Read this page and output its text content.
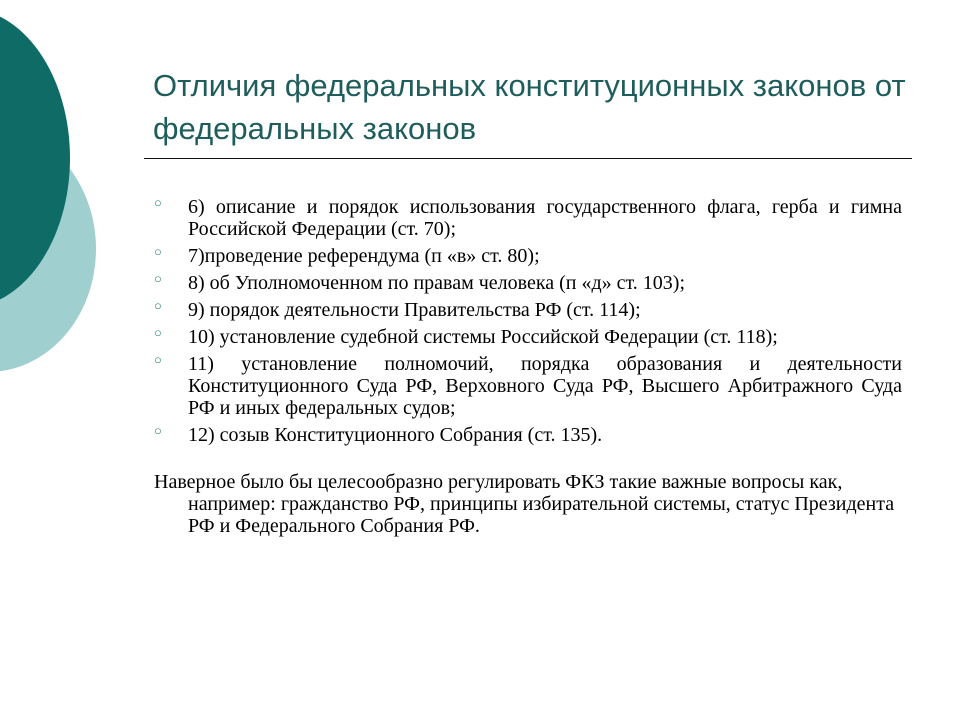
Отличия федеральных конституционных законов от федеральных законов
○	6) описание и порядок использования государственного флага, герба и гимна Российской Федерации (ст. 70);
○	7)проведение референдума (п «в» ст. 80);
○	8) об Уполномоченном по правам человека (п «д» ст. 103);
○	9) порядок деятельности Правительства РФ (ст. 114);
○	10) установление судебной системы Российской Федерации (ст. 118);
○	11) установление полномочий, порядка образования и деятельности Конституционного Суда РФ, Верховного Суда РФ, Высшего Арбитражного Суда РФ и иных федеральных судов;
○	12) созыв Конституционного Собрания (ст. 135).

Наверное было бы целесообразно регулировать ФКЗ такие важные вопросы как, например: гражданство РФ, принципы избирательной системы, статус Президента РФ и Федерального Собрания РФ.
